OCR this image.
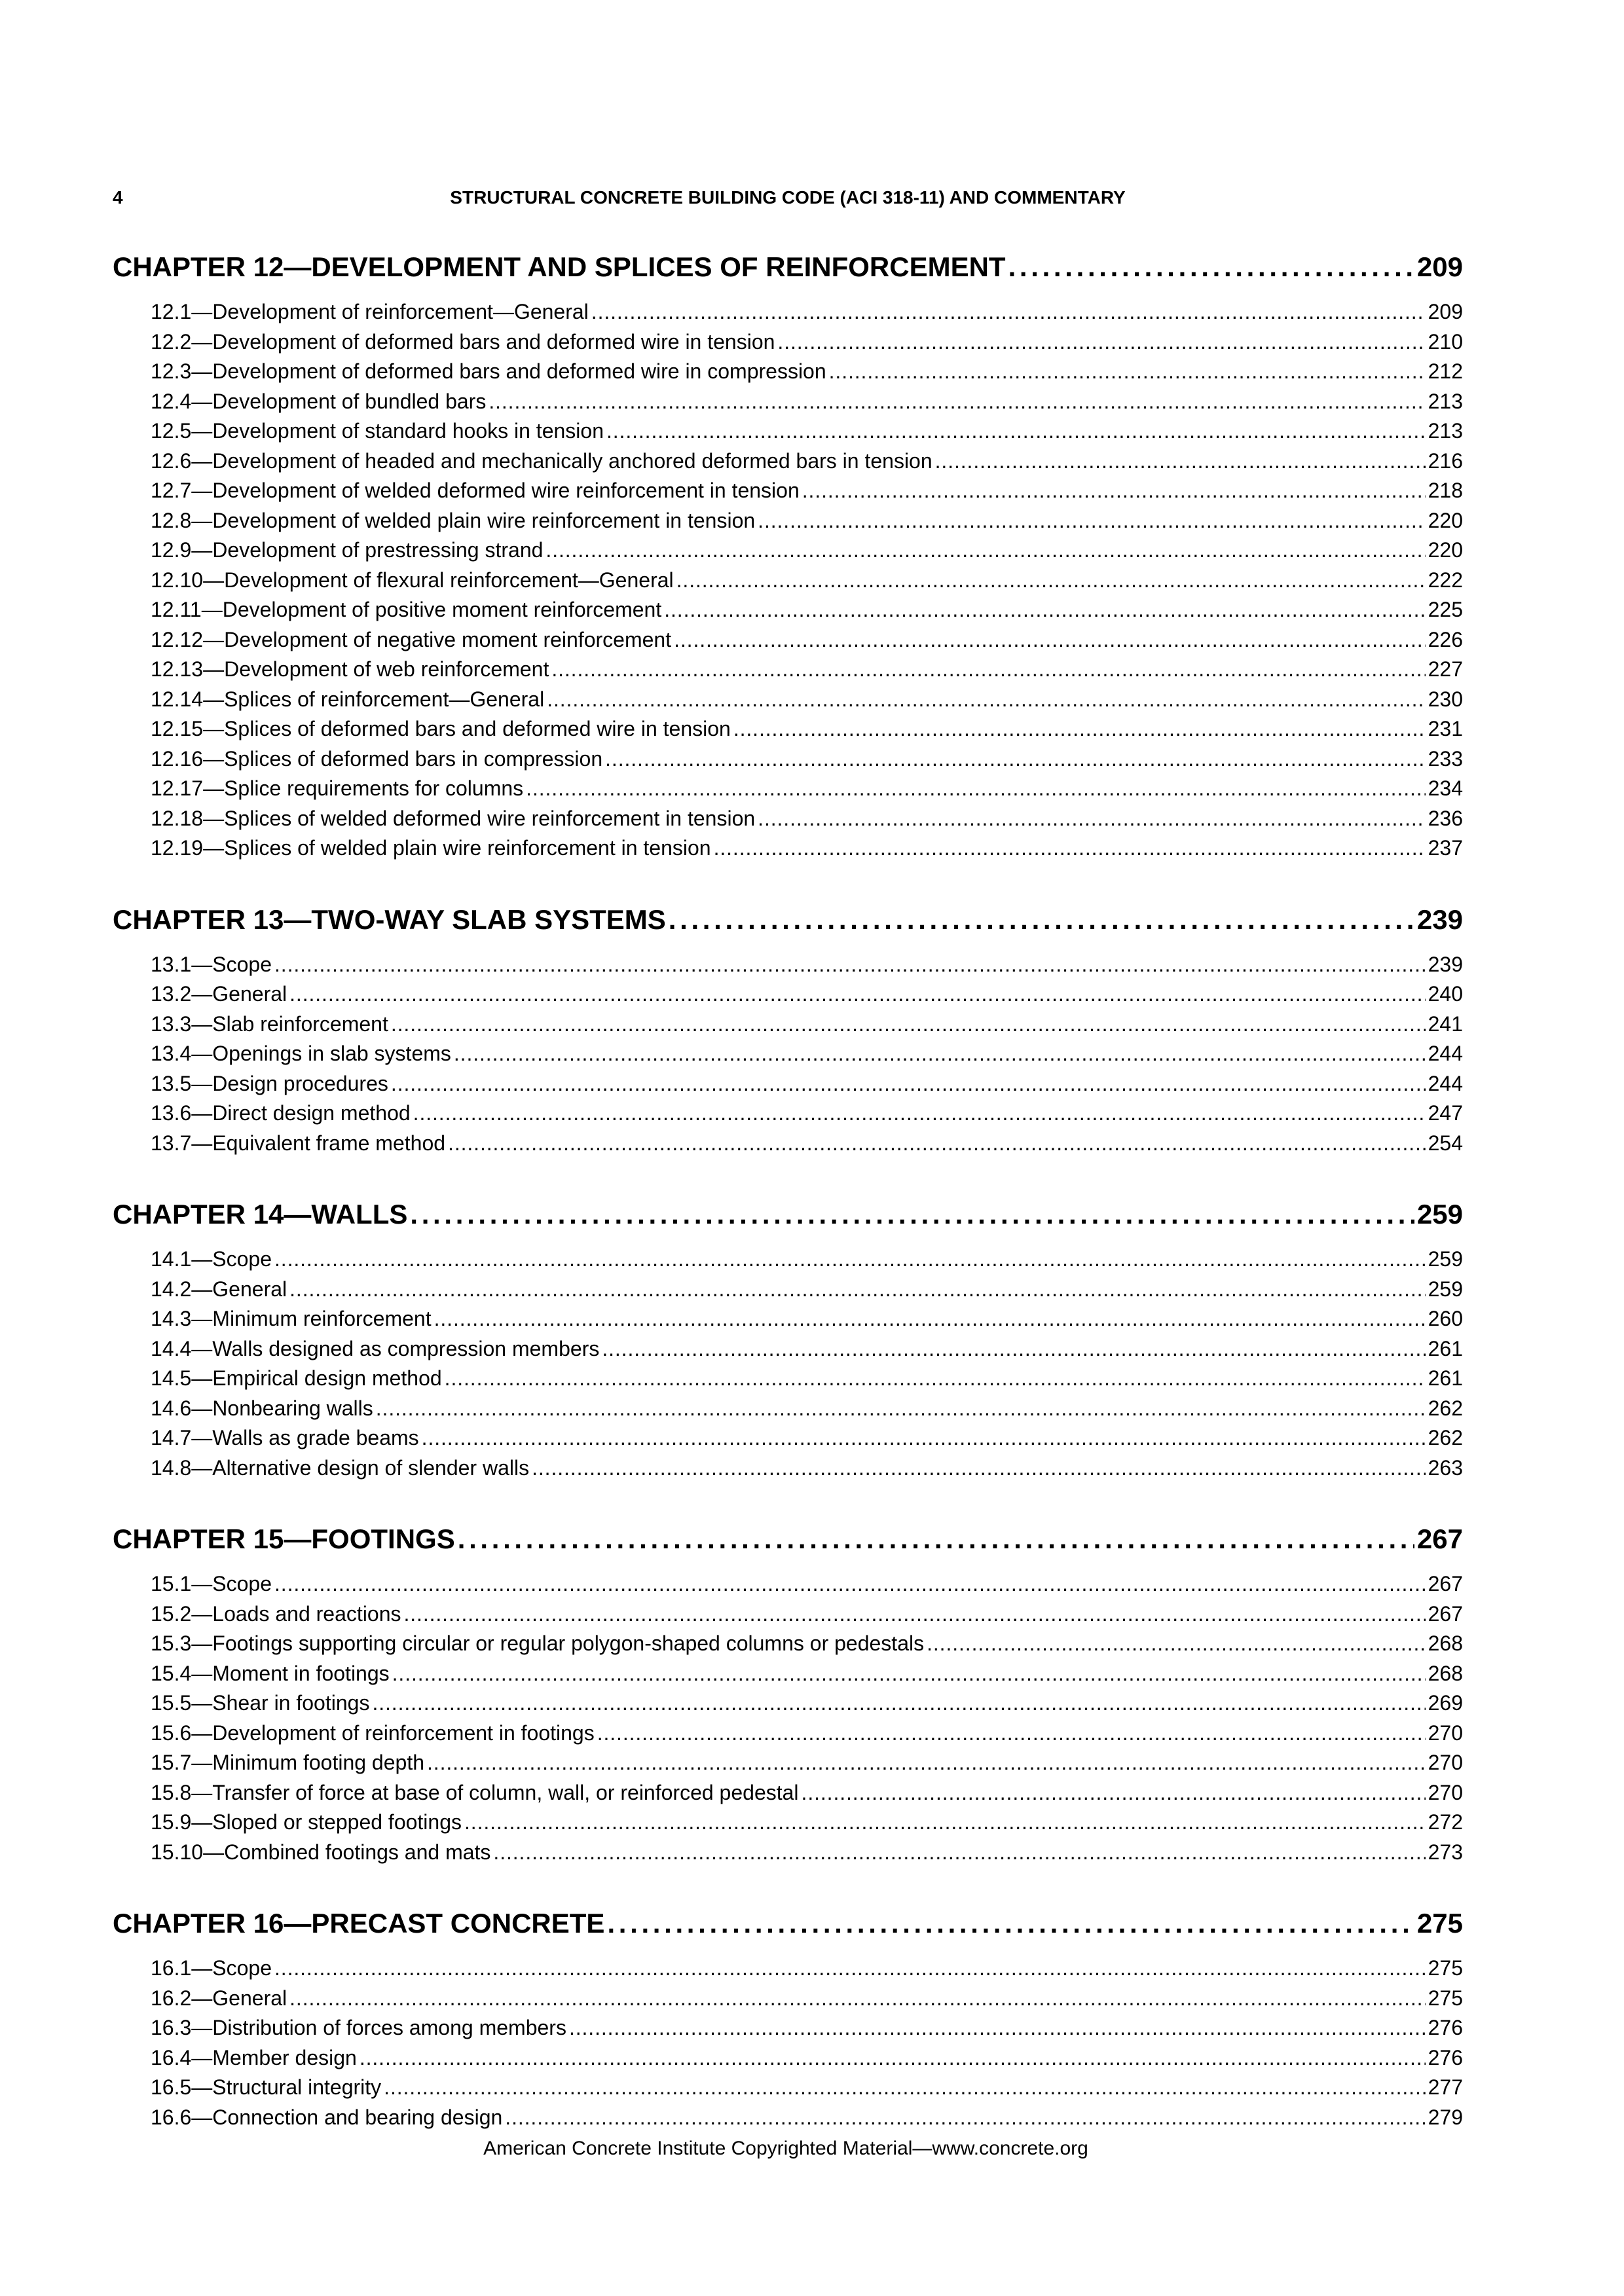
4	STRUCTURAL CONCRETE BUILDING CODE (ACI 318-11) AND COMMENTARY
CHAPTER 12—DEVELOPMENT AND SPLICES OF REINFORCEMENT . . .	209
12.1—Development of reinforcement—General . . .	209
12.2—Development of deformed bars and deformed wire in tension . . .	210
12.3—Development of deformed bars and deformed wire in compression . . .	212
12.4—Development of bundled bars . . .	213
12.5—Development of standard hooks in tension . . .	213
12.6—Development of headed and mechanically anchored deformed bars in tension . . .	216
12.7—Development of welded deformed wire reinforcement in tension . . .	218
12.8—Development of welded plain wire reinforcement in tension . . .	220
12.9—Development of prestressing strand . . .	220
12.10—Development of flexural reinforcement—General . . .	222
12.11—Development of positive moment reinforcement . . .	225
12.12—Development of negative moment reinforcement . . .	226
12.13—Development of web reinforcement . . .	227
12.14—Splices of reinforcement—General . . .	230
12.15—Splices of deformed bars and deformed wire in tension . . .	231
12.16—Splices of deformed bars in compression . . .	233
12.17—Splice requirements for columns . . .	234
12.18—Splices of welded deformed wire reinforcement in tension . . .	236
12.19—Splices of welded plain wire reinforcement in tension . . .	237
CHAPTER 13—TWO-WAY SLAB SYSTEMS . . .	239
13.1—Scope . . .	239
13.2—General . . .	240
13.3—Slab reinforcement . . .	241
13.4—Openings in slab systems . . .	244
13.5—Design procedures . . .	244
13.6—Direct design method . . .	247
13.7—Equivalent frame method . . .	254
CHAPTER 14—WALLS . . .	259
14.1—Scope . . .	259
14.2—General . . .	259
14.3—Minimum reinforcement . . .	260
14.4—Walls designed as compression members . . .	261
14.5—Empirical design method . . .	261
14.6—Nonbearing walls . . .	262
14.7—Walls as grade beams . . .	262
14.8—Alternative design of slender walls . . .	263
CHAPTER 15—FOOTINGS . . .	267
15.1—Scope . . .	267
15.2—Loads and reactions . . .	267
15.3—Footings supporting circular or regular polygon-shaped columns or pedestals . . .	268
15.4—Moment in footings . . .	268
15.5—Shear in footings . . .	269
15.6—Development of reinforcement in footings . . .	270
15.7—Minimum footing depth . . .	270
15.8—Transfer of force at base of column, wall, or reinforced pedestal . . .	270
15.9—Sloped or stepped footings . . .	272
15.10—Combined footings and mats . . .	273
CHAPTER 16—PRECAST CONCRETE . . .	275
16.1—Scope . . .	275
16.2—General . . .	275
16.3—Distribution of forces among members . . .	276
16.4—Member design . . .	276
16.5—Structural integrity . . .	277
16.6—Connection and bearing design . . .	279
American Concrete Institute Copyrighted Material—www.concrete.org
